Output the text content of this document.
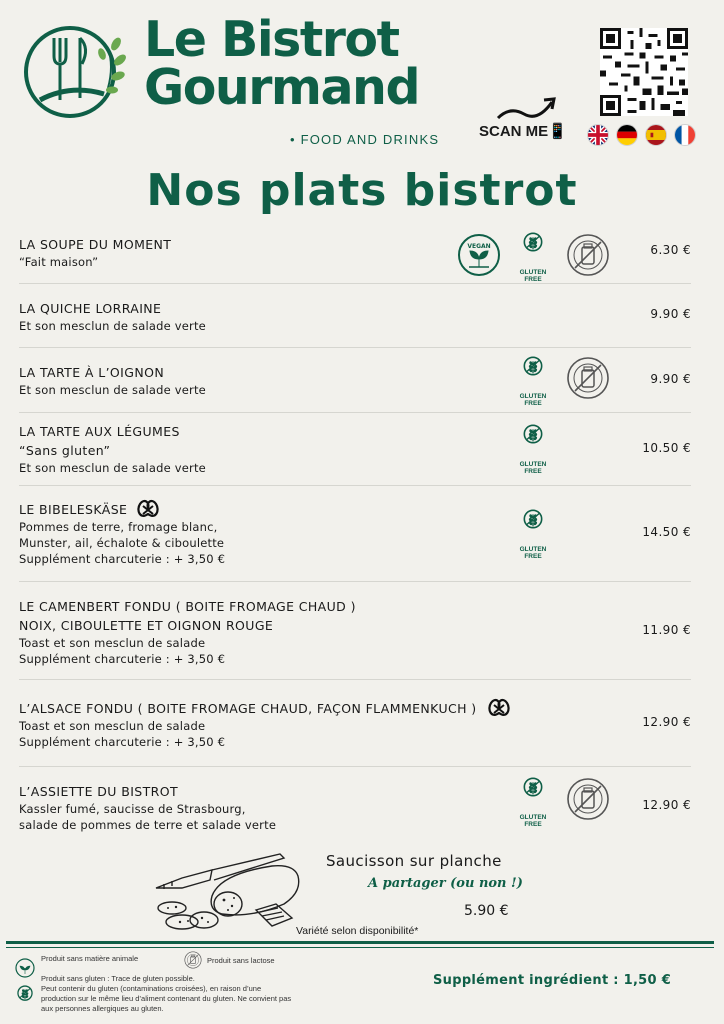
Le Bistrot
Gourmand
• FOOD AND DRINKS	SCAN ME📱
Nos plats bistrot
LA SOUPE DU MOMENT
“Fait maison”
6.30 €
VEGAN
GLUTEN
FREE
LA QUICHE LORRAINE
Et son mesclun de salade verte
9.90 €
LA TARTE À L’OIGNON
Et son mesclun de salade verte
9.90 €
GLUTEN
FREE
LA TARTE AUX LÉGUMES
“Sans gluten”
Et son mesclun de salade verte
10.50 €
GLUTEN
FREE
LE BIBELESKÄSE
Pommes de terre, fromage blanc,
Munster, ail, échalote & ciboulette
Supplément charcuterie : + 3,50 €
14.50 €
GLUTEN
FREE
LE CAMENBERT FONDU ( BOITE FROMAGE CHAUD )
NOIX, CIBOULETTE ET OIGNON ROUGE
Toast et son mesclun de salade
Supplément charcuterie : + 3,50 €
11.90 €
L’ALSACE FONDU ( BOITE FROMAGE CHAUD, FAÇON FLAMMENKUCH )
Toast et son mesclun de salade
Supplément charcuterie : + 3,50 €
12.90 €
L’ASSIETTE DU BISTROT
Kassler fumé, saucisse de Strasbourg,
salade de pommes de terre et salade verte
12.90 €
GLUTEN
FREE
Saucisson sur planche
A partager (ou non !)
5.90 €
Variété selon disponibilité*
Produit sans matière animale	Produit sans lactose
Produit sans gluten : Trace de gluten possible.
Peut contenir du gluten (contaminations croisées), en raison d’une
production sur le même lieu d’aliment contenant du gluten. Ne convient pas
aux personnes allergiques au gluten.
Supplément ingrédient : 1,50 €
